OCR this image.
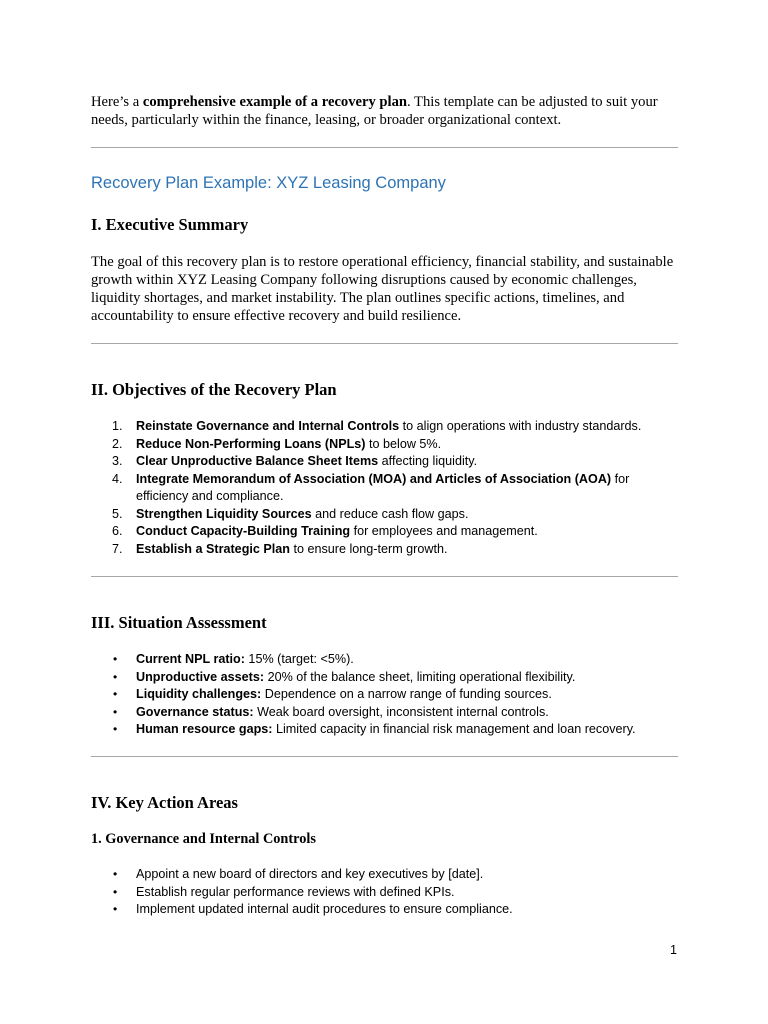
Here’s a comprehensive example of a recovery plan. This template can be adjusted to suit your needs, particularly within the finance, leasing, or broader organizational context.

Recovery Plan Example: XYZ Leasing Company
I. Executive Summary

The goal of this recovery plan is to restore operational efficiency, financial stability, and sustainable growth within XYZ Leasing Company following disruptions caused by economic challenges, liquidity shortages, and market instability. The plan outlines specific actions, timelines, and accountability to ensure effective recovery and build resilience.

II. Objectives of the Recovery Plan
1. Reinstate Governance and Internal Controls to align operations with industry standards.
2. Reduce Non-Performing Loans (NPLs) to below 5%.
3. Clear Unproductive Balance Sheet Items affecting liquidity.
4. Integrate Memorandum of Association (MOA) and Articles of Association (AOA) for efficiency and compliance.
5. Strengthen Liquidity Sources and reduce cash flow gaps.
6. Conduct Capacity-Building Training for employees and management.
7. Establish a Strategic Plan to ensure long-term growth.
III. Situation Assessment
• Current NPL ratio: 15% (target: <5%).
• Unproductive assets: 20% of the balance sheet, limiting operational flexibility.
• Liquidity challenges: Dependence on a narrow range of funding sources.
• Governance status: Weak board oversight, inconsistent internal controls.
• Human resource gaps: Limited capacity in financial risk management and loan recovery.
IV. Key Action Areas
1. Governance and Internal Controls
• Appoint a new board of directors and key executives by [date].
• Establish regular performance reviews with defined KPIs.
• Implement updated internal audit procedures to ensure compliance.
1
